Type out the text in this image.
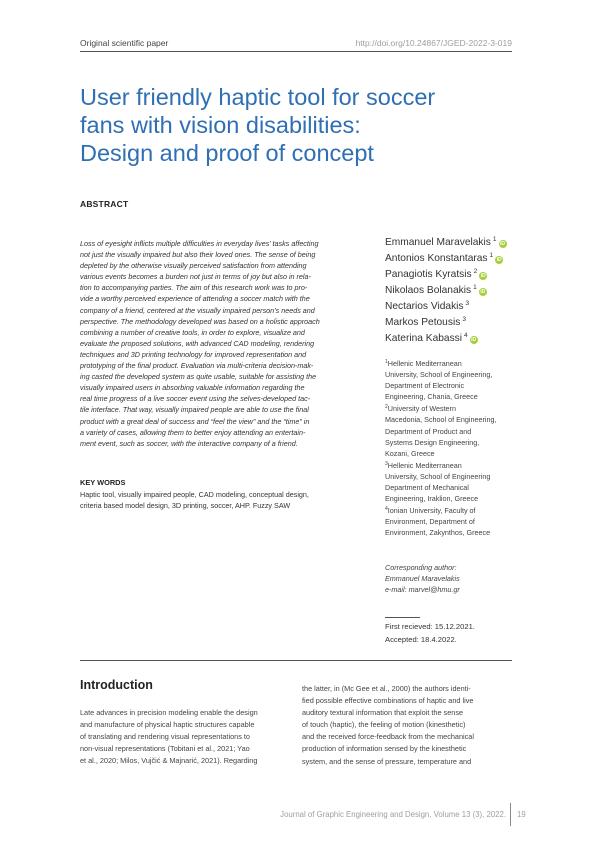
Original scientific paper	http://doi.org/10.24867/JGED-2022-3-019
User friendly haptic tool for soccer
fans with vision disabilities:
Design and proof of concept
ABSTRACT
Loss of eyesight inflicts multiple difficulties in everyday lives’ tasks affecting
not just the visually impaired but also their loved ones. The sense of being
depleted by the otherwise visually perceived satisfaction from attending
various events becomes a burden not just in terms of joy but also in rela-
tion to accompanying parties. The aim of this research work was to pro-
vide a worthy perceived experience of attending a soccer match with the
company of a friend, centered at the visually impaired person’s needs and
perspective. The methodology developed was based on a holistic approach
combining a number of creative tools, in order to explore, visualize and
evaluate the proposed solutions, with advanced CAD modeling, rendering
techniques and 3D printing technology for improved representation and
prototyping of the final product. Evaluation via multi-criteria decision-mak-
ing casted the developed system as quite usable, suitable for assisting the
visually impaired users in absorbing valuable information regarding the
real time progress of a live soccer event using the selves-developed tac-
tile interface. That way, visually impaired people are able to use the final
product with a great deal of success and “feel the view” and the “time” in
a variety of cases, allowing them to better enjoy attending an entertain-
ment event, such as soccer, with the interactive company of a friend.
KEY WORDS
Haptic tool, visually impaired people, CAD modeling, conceptual design,
criteria based model design, 3D printing, soccer, AHP. Fuzzy SAW
Emmanuel Maravelakis $^1$iD
Antonios Konstantaras $^1$iD
Panagiotis Kyratsis $^2$iD
Nikolaos Bolanakis $^1$iD
Nectarios Vidakis $^3$
Markos Petousis $^3$
Katerina Kabassi $^4$iD
$^1$Hellenic Mediterranean
University, School of Engineering,
Department of Electronic
Engineering, Chania, Greece
$^2$University of Western
Macedonia, School of Engineering,
Department of Product and
Systems Design Engineering,
Kozani, Greece
$^3$Hellenic Mediterranean
University, School of Engineering
Department of Mechanical
Engineering, Iraklion, Greece
$^4$Ionian University, Faculty of
Environment, Department of
Environment, Zakynthos, Greece
Corresponding author:
Emmanuel Maravelakis
e-mail: marvel@hmu.gr
First recieved: 15.12.2021.
Accepted: 18.4.2022.
Introduction
Late advances in precision modeling enable the design
and manufacture of physical haptic structures capable
of translating and rendering visual representations to
non-visual representations (Tobitani et al., 2021; Yao
et al., 2020; Milos, Vujčić & Majnarić, 2021). Regarding
the latter, in (Mc Gee et al., 2000) the authors identi-
fied possible effective combinations of haptic and live
auditory textural information that exploit the sense
of touch (haptic), the feeling of motion (kinesthetic)
and the received force-feedback from the mechanical
production of information sensed by the kinesthetic
system, and the sense of pressure, temperature and
Journal of Graphic Engineering and Design, Volume 13 (3), 2022. 19
